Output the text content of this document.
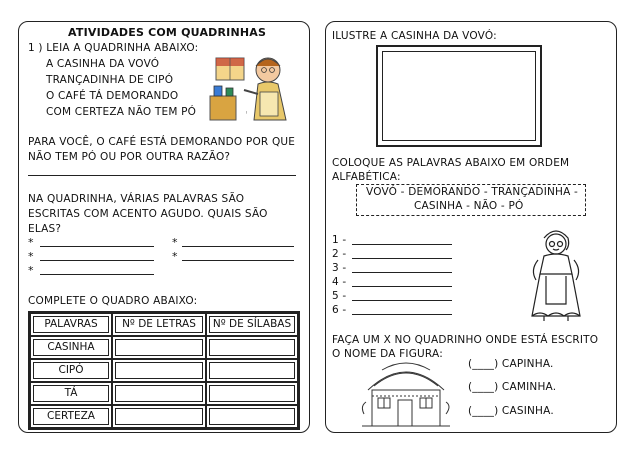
ATIVIDADES COM QUADRINHAS
1 ) LEIA A QUADRINHA ABAIXO:
A CASINHA DA VOVÓ
TRANÇADINHA DE CIPÓ
O CAFÉ TÁ DEMORANDO
COM CERTEZA NÃO TEM PÓ	~
PARA VOCÊ, O CAFÉ ESTÁ DEMORANDO POR QUE
NÃO TEM PÓ OU POR OUTRA RAZÃO?
NA QUADRINHA, VÁRIAS PALAVRAS SÃO
ESCRITAS COM ACENTO AGUDO. QUAIS SÃO
ELAS?
*	*
*	*
*
COMPLETE O QUADRO ABAIXO:
PALAVRAS	Nº DE LETRAS	Nº DE SÍLABAS

CASINHA		

CIPÓ		

TÁ		

CERTEZA		

ILUSTRE A CASINHA DA VOVÓ:
COLOQUE AS PALAVRAS ABAIXO EM ORDEM
ALFABÉTICA:
VOVÓ - DEMORANDO - TRANÇADINHA -
CASINHA - NÃO - PÓ
1 -
2 -
3 -
4 -
5 -
6 -
FAÇA UM X NO QUADRINHO ONDE ESTÁ ESCRITO
O NOME DA FIGURA:
(____) CAPINHA.
(____) CAMINHA.
(____) CASINHA.
